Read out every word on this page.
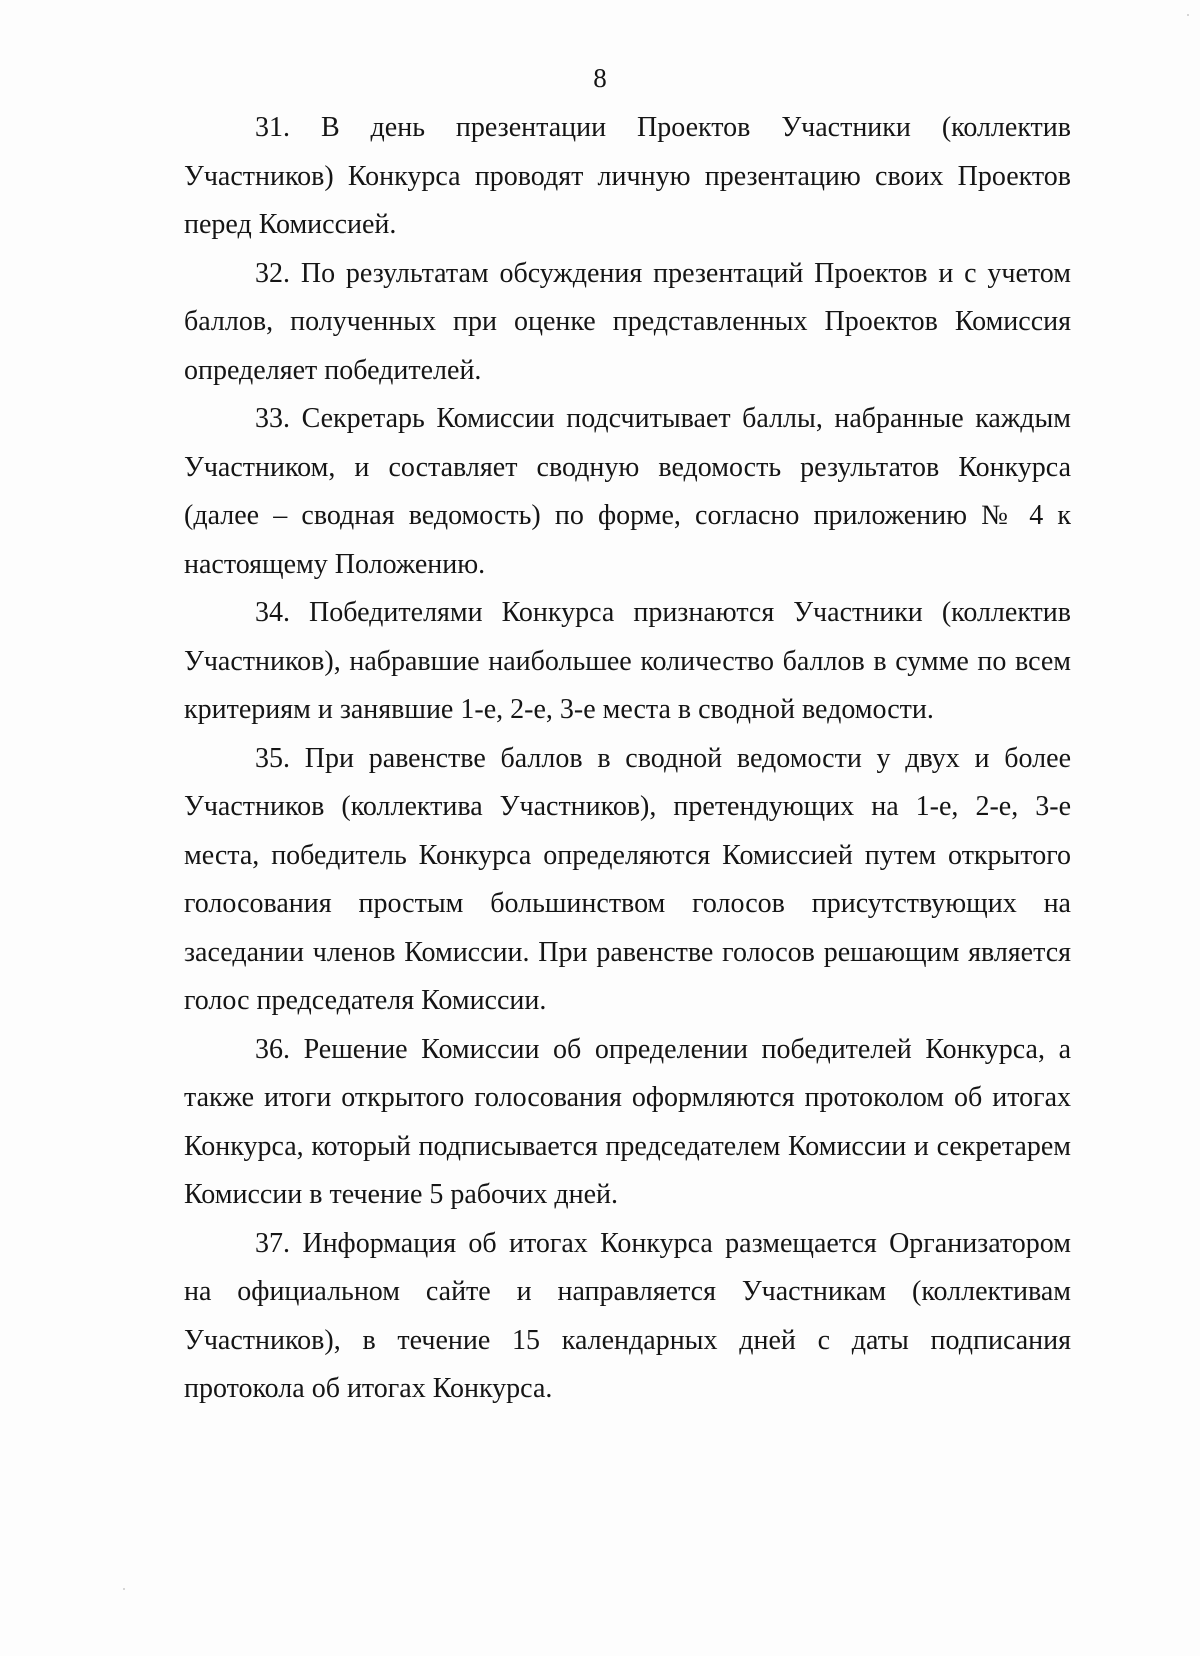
8

31. В день презентации Проектов Участники (коллектив Участников) Конкурса проводят личную презентацию своих Проектов перед Комиссией.

32. По результатам обсуждения презентаций Проектов и с учетом баллов, полученных при оценке представленных Проектов Комиссия определяет победителей.

33. Секретарь Комиссии подсчитывает баллы, набранные каждым Участником, и составляет сводную ведомость результатов Конкурса (далее – сводная ведомость) по форме, согласно приложению № 4 к настоящему Положению.

34. Победителями Конкурса признаются Участники (коллектив Участников), набравшие наибольшее количество баллов в сумме по всем критериям и занявшие 1-е, 2-е, 3-е места в сводной ведомости.

35. При равенстве баллов в сводной ведомости у двух и более Участников (коллектива Участников), претендующих на 1-е, 2-е, 3-е места, победитель Конкурса определяются Комиссией путем открытого голосования простым большинством голосов присутствующих на заседании членов Комиссии. При равенстве голосов решающим является голос председателя Комиссии.

36. Решение Комиссии об определении победителей Конкурса, а также итоги открытого голосования оформляются протоколом об итогах Конкурса, который подписывается председателем Комиссии и секретарем Комиссии в течение 5 рабочих дней.

37. Информация об итогах Конкурса размещается Организатором на официальном сайте и направляется Участникам (коллективам Участников), в течение 15 календарных дней с даты подписания протокола об итогах Конкурса.
